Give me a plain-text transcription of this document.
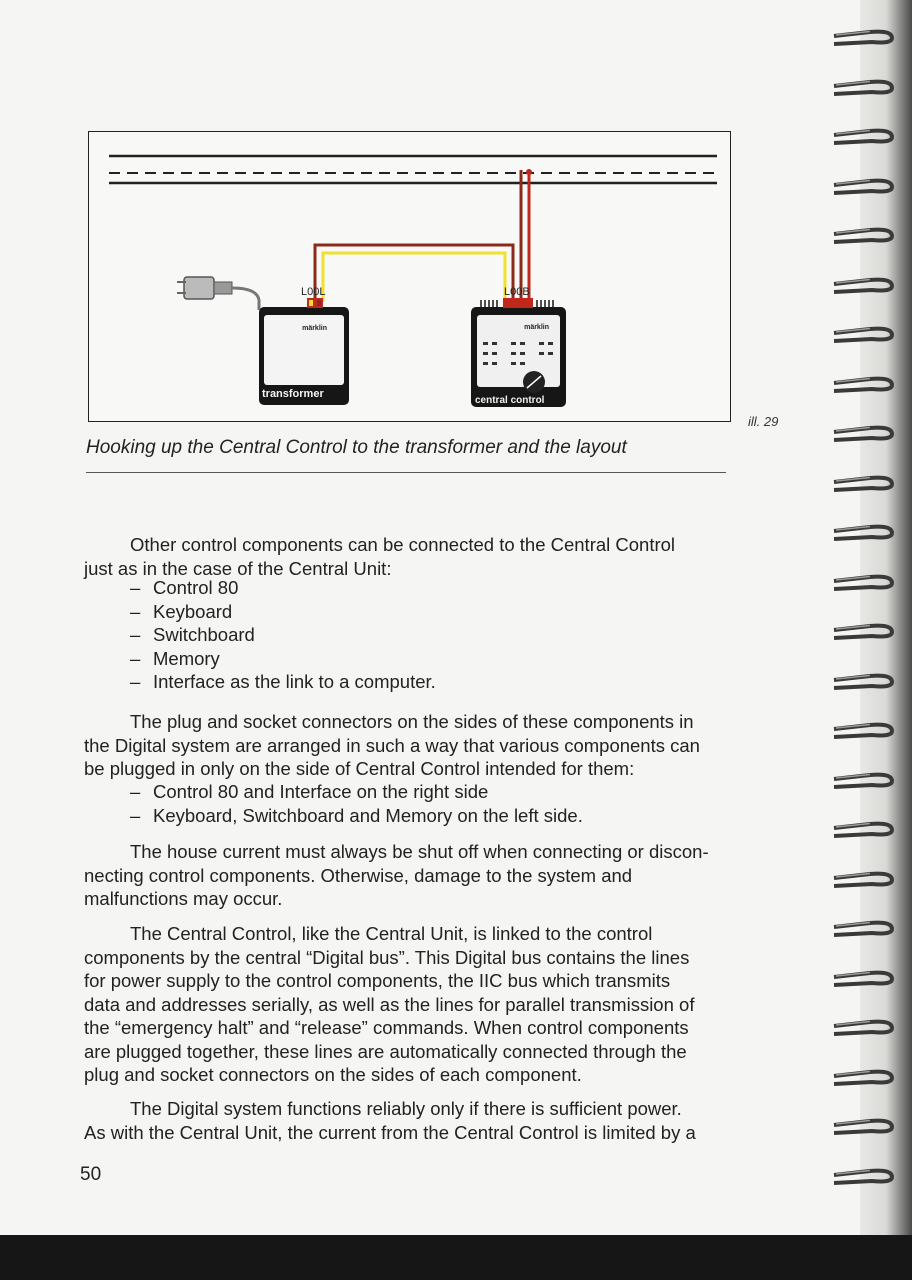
L00L
märklin
transformer
L00B
märklin
central control
ill. 29
Hooking up the Central Control to the transformer and the layout

Other control components can be connected to the Central Control
just as in the case of the Central Unit:

– Control 80
– Keyboard
– Switchboard
– Memory
– Interface as the link to a computer.

The plug and socket connectors on the sides of these components in
the Digital system are arranged in such a way that various components can
be plugged in only on the side of Central Control intended for them:

– Control 80 and Interface on the right side
– Keyboard, Switchboard and Memory on the left side.

The house current must always be shut off when connecting or discon-
necting control components. Otherwise, damage to the system and
malfunctions may occur.

The Central Control, like the Central Unit, is linked to the control
components by the central “Digital bus”. This Digital bus contains the lines
for power supply to the control components, the IIC bus which transmits
data and addresses serially, as well as the lines for parallel transmission of
the “emergency halt” and “release” commands. When control components
are plugged together, these lines are automatically connected through the
plug and socket connectors on the sides of each component.

The Digital system functions reliably only if there is sufficient power.
As with the Central Unit, the current from the Central Control is limited by a

50
